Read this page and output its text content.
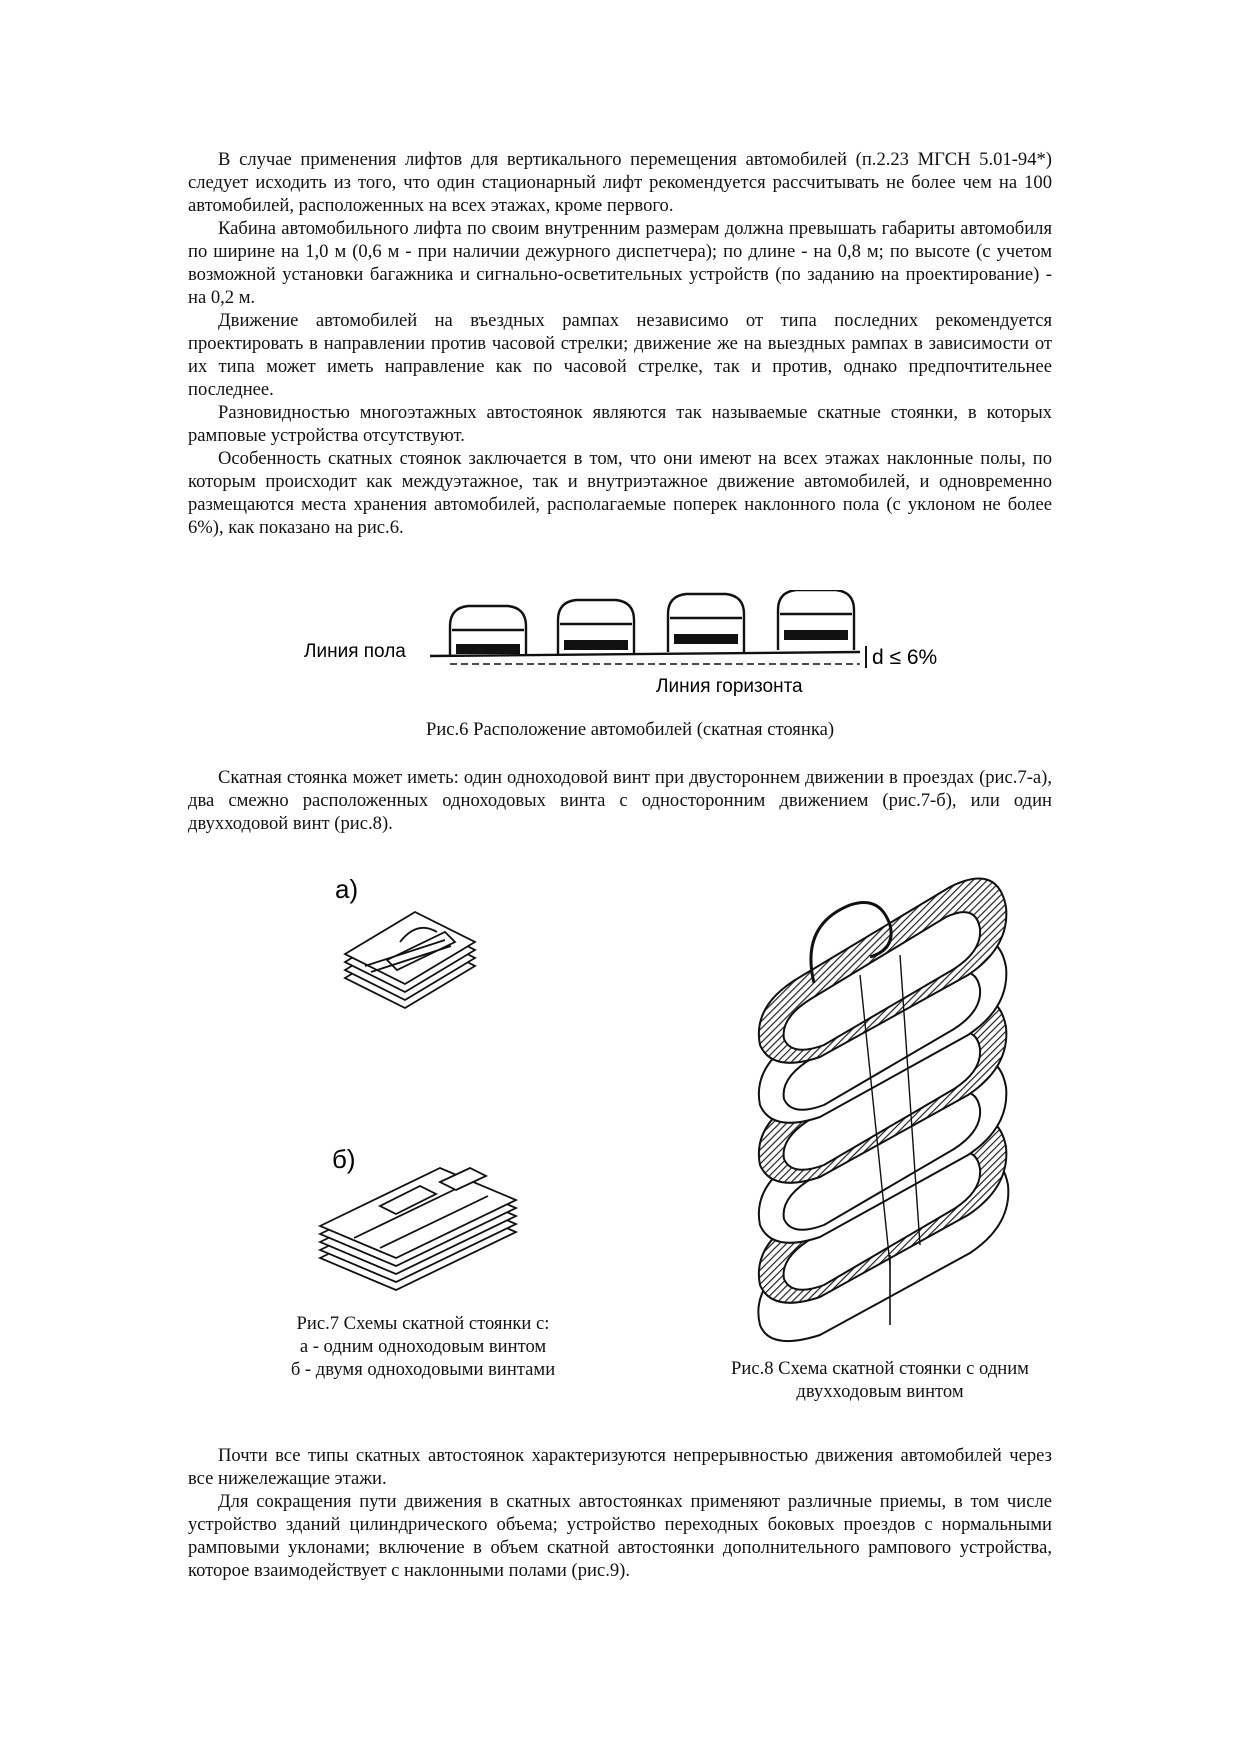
В случае применения лифтов для вертикального перемещения автомобилей (п.2.23 МГСН 5.01-94*) следует исходить из того, что один стационарный лифт рекомендуется рассчитывать не более чем на 100 автомобилей, расположенных на всех этажах, кроме первого.

Кабина автомобильного лифта по своим внутренним размерам должна превышать габариты автомобиля по ширине на 1,0 м (0,6 м - при наличии дежурного диспетчера); по длине - на 0,8 м; по высоте (с учетом возможной установки багажника и сигнально-осветительных устройств (по заданию на проектирование) - на 0,2 м.

Движение автомобилей на въездных рампах независимо от типа последних рекомендуется проектировать в направлении против часовой стрелки; движение же на выездных рампах в зависимости от их типа может иметь направление как по часовой стрелке, так и против, однако предпочтительнее последнее.

Разновидностью многоэтажных автостоянок являются так называемые скатные стоянки, в которых рамповые устройства отсутствуют.

Особенность скатных стоянок заключается в том, что они имеют на всех этажах наклонные полы, по которым происходит как междуэтажное, так и внутриэтажное движение автомобилей, и одновременно размещаются места хранения автомобилей, располагаемые поперек наклонного пола (с уклоном не более 6%), как показано на рис.6.

Линия пола
Линия горизонта
d ≤ 6%
Рис.6 Расположение автомобилей (скатная стоянка)

Скатная стоянка может иметь: один одноходовой винт при двустороннем движении в проездах (рис.7-а), два смежно расположенных одноходовых винта с односторонним движением (рис.7-б), или один двухходовой винт (рис.8).

а)
б)
Рис.7 Схемы скатной стоянки с:
а - одним одноходовым винтом
б - двумя одноходовыми винтами	Рис.8 Схема скатной стоянки с одним
двухходовым винтом

Почти все типы скатных автостоянок характеризуются непрерывностью движения автомобилей через все нижележащие этажи.

Для сокращения пути движения в скатных автостоянках применяют различные приемы, в том числе устройство зданий цилиндрического объема; устройство переходных боковых проездов с нормальными рамповыми уклонами; включение в объем скатной автостоянки дополнительного рампового устройства, которое взаимодействует с наклонными полами (рис.9).
